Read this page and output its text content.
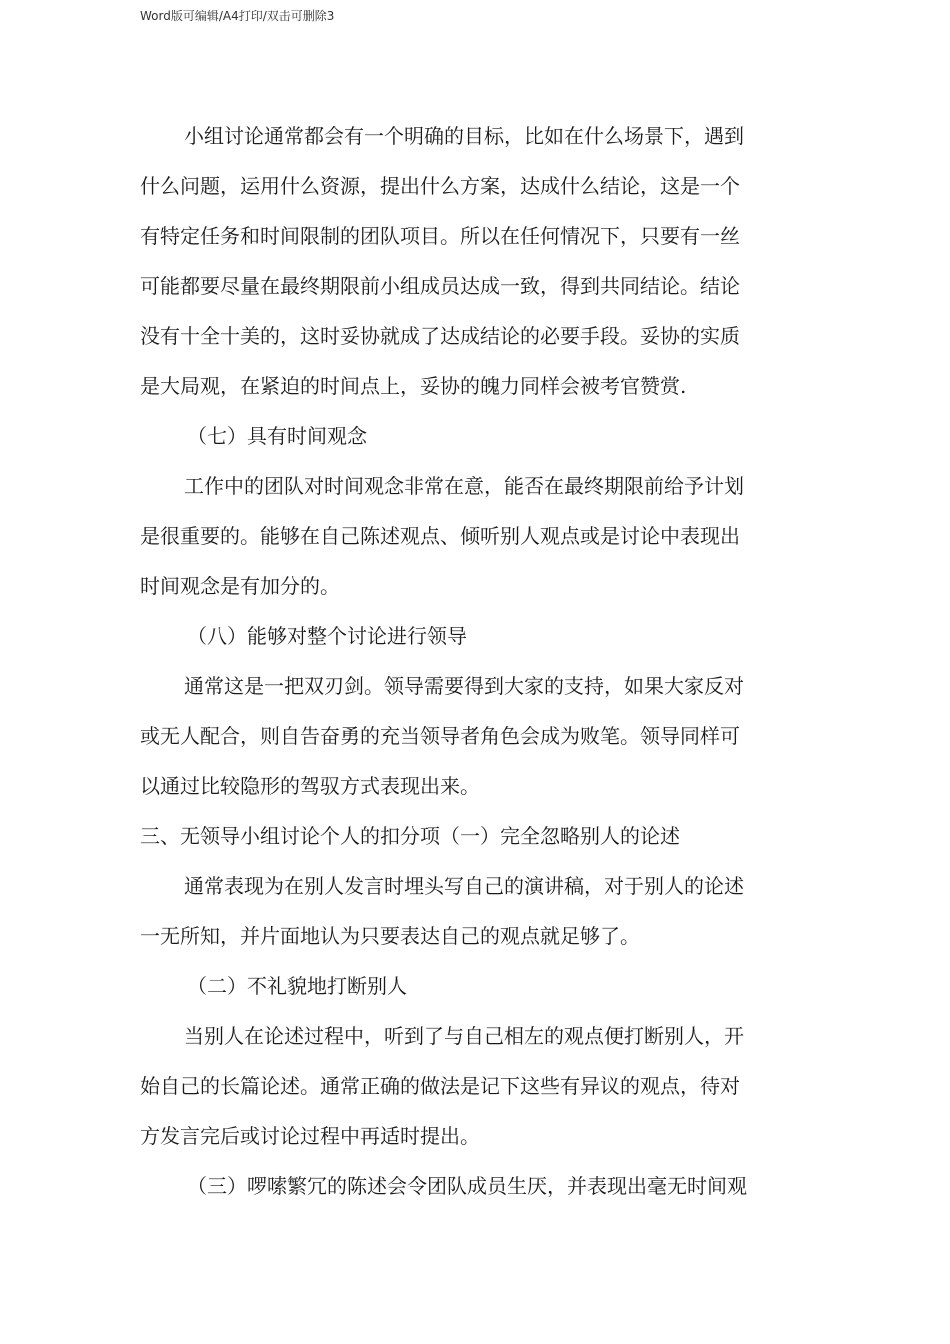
Word版可编辑/A4打印/双击可删除3
小组讨论通常都会有一个明确的目标，比如在什么场景下，遇到
什么问题，运用什么资源，提出什么方案，达成什么结论，这是一个
有特定任务和时间限制的团队项目。所以在任何情况下，只要有一丝
可能都要尽量在最终期限前小组成员达成一致，得到共同结论。结论
没有十全十美的，这时妥协就成了达成结论的必要手段。妥协的实质
是大局观，在紧迫的时间点上，妥协的魄力同样会被考官赞赏.
（七）具有时间观念
工作中的团队对时间观念非常在意，能否在最终期限前给予计划
是很重要的。能够在自己陈述观点、倾听别人观点或是讨论中表现出
时间观念是有加分的。
（八）能够对整个讨论进行领导
通常这是一把双刃剑。领导需要得到大家的支持，如果大家反对
或无人配合，则自告奋勇的充当领导者角色会成为败笔。领导同样可
以通过比较隐形的驾驭方式表现出来。
三、无领导小组讨论个人的扣分项（一）完全忽略别人的论述
通常表现为在别人发言时埋头写自己的演讲稿，对于别人的论述
一无所知，并片面地认为只要表达自己的观点就足够了。
（二）不礼貌地打断别人
当别人在论述过程中，听到了与自己相左的观点便打断别人，开
始自己的长篇论述。通常正确的做法是记下这些有异议的观点，待对
方发言完后或讨论过程中再适时提出。
（三）啰嗦繁冗的陈述会令团队成员生厌，并表现出毫无时间观
